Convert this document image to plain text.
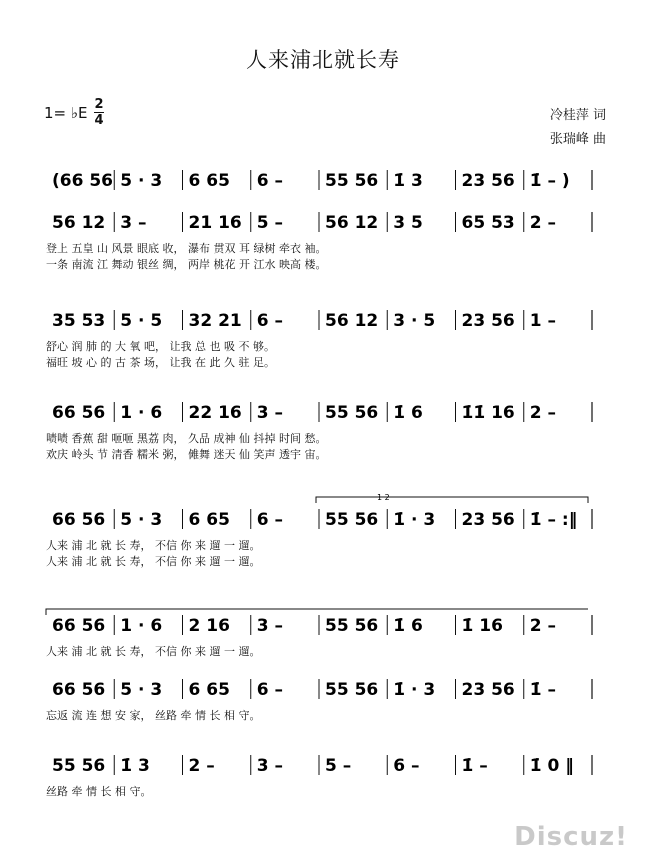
人来浦北就长寿
1= ♭E 2
4	冷桂萍 词
张瑞峰 曲
1 2
(66 56 5 · 3 6 65 6 – 55 56 1̇ 3 23 56 1̇ – )
56 12 3 – 21 16 5 – 56 12 3 5 65 53 2 –
35 53 5 · 5 32 21 6 – 56 12 3 · 5 23 56 1 –
66 56 1 · 6 22 16 3 – 55 56 1̇ 6 1̇1̇ 16 2 –
66 56 5 · 3 6 65 6 – 55 56 1̇ · 3 23 56 1̇ – :‖
66 56 1 · 6 2 16 3 – 55 56 1̇ 6 1̇ 16 2 –
66 56 5 · 3 6 65 6 – 55 56 1̇ · 3 23 56 1̇ –
55 56 1̇ 3 2 – 3 – 5 – 6 – 1̇ – 1̇ 0 ‖
登上 五皇 山 风景 眼底 收， 瀑布 贯双 耳 绿树 牵衣 袖。
一条 南流 江 舞动 银丝 绸， 两岸 桃花 开 江水 映高 楼。
舒心 润 肺 的 大 氧 吧， 让我 总 也 吸 不 够。
福旺 坡 心 的 古 茶 场， 让我 在 此 久 驻 足。
啧啧 香蕉 甜 咂咂 黑荔 肉， 久品 成神 仙 抖掉 时间 愁。
欢庆 岭头 节 清香 糯米 粥， 傩舞 迷天 仙 笑声 透宇 宙。
人来 浦 北 就 长 寿， 不信 你 来 遛 一 遛。
人来 浦 北 就 长 寿， 不信 你 来 遛 一 遛。
人来 浦 北 就 长 寿， 不信 你 来 遛 一 遛。
忘返 流 连 想 安 家， 丝路 牵 情 长 相 守。
丝路 牵 情 长 相 守。
Discuz!
